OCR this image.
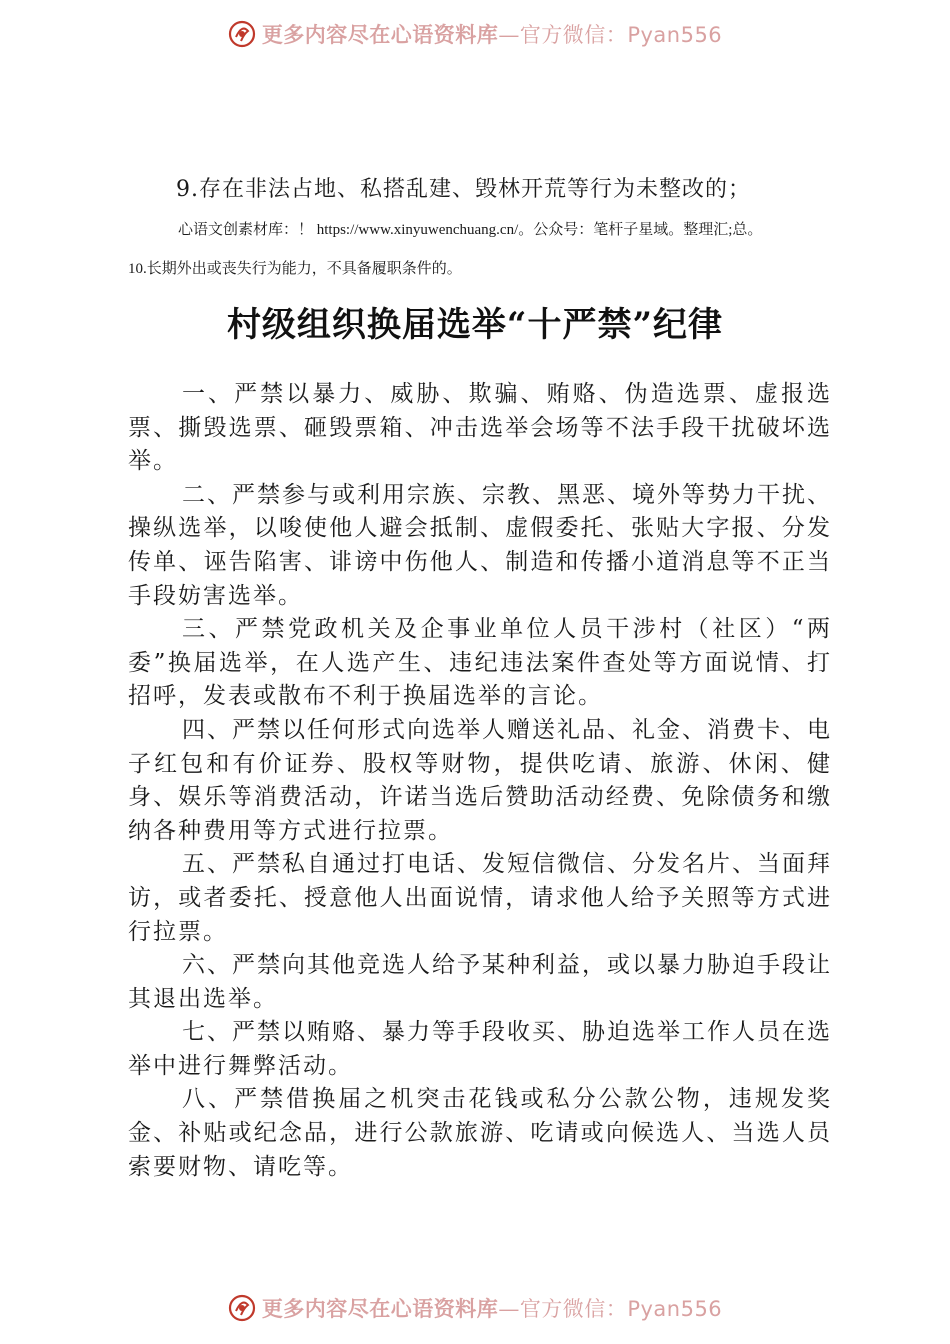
更多内容尽在心语资料库—官方微信：Pyan556
9.存在非法占地、私搭乱建、毁林开荒等行为未整改的；
心语文创素材库：！ https://www.xinyuwenchuang.cn/。公众号：笔杆子星域。整理汇;总。
10.长期外出或丧失行为能力，不具备履职条件的。
村级组织换届选举“十严禁”纪律

一、严禁以暴力、威胁、欺骗、贿赂、伪造选票、虚报选票、撕毁选票、砸毁票箱、冲击选举会场等不法手段干扰破坏选举。

二、严禁参与或利用宗族、宗教、黑恶、境外等势力干扰、操纵选举，以唆使他人避会抵制、虚假委托、张贴大字报、分发传单、诬告陷害、诽谤中伤他人、制造和传播小道消息等不正当手段妨害选举。

三、严禁党政机关及企事业单位人员干涉村（社区）“两委”换届选举，在人选产生、违纪违法案件查处等方面说情、打招呼，发表或散布不利于换届选举的言论。

四、严禁以任何形式向选举人赠送礼品、礼金、消费卡、电子红包和有价证券、股权等财物，提供吃请、旅游、休闲、健身、娱乐等消费活动，许诺当选后赞助活动经费、免除债务和缴纳各种费用等方式进行拉票。

五、严禁私自通过打电话、发短信微信、分发名片、当面拜访，或者委托、授意他人出面说情，请求他人给予关照等方式进行拉票。

六、严禁向其他竞选人给予某种利益，或以暴力胁迫手段让其退出选举。

七、严禁以贿赂、暴力等手段收买、胁迫选举工作人员在选举中进行舞弊活动。

八、严禁借换届之机突击花钱或私分公款公物，违规发奖金、补贴或纪念品，进行公款旅游、吃请或向候选人、当选人员索要财物、请吃等。

更多内容尽在心语资料库—官方微信：Pyan556
